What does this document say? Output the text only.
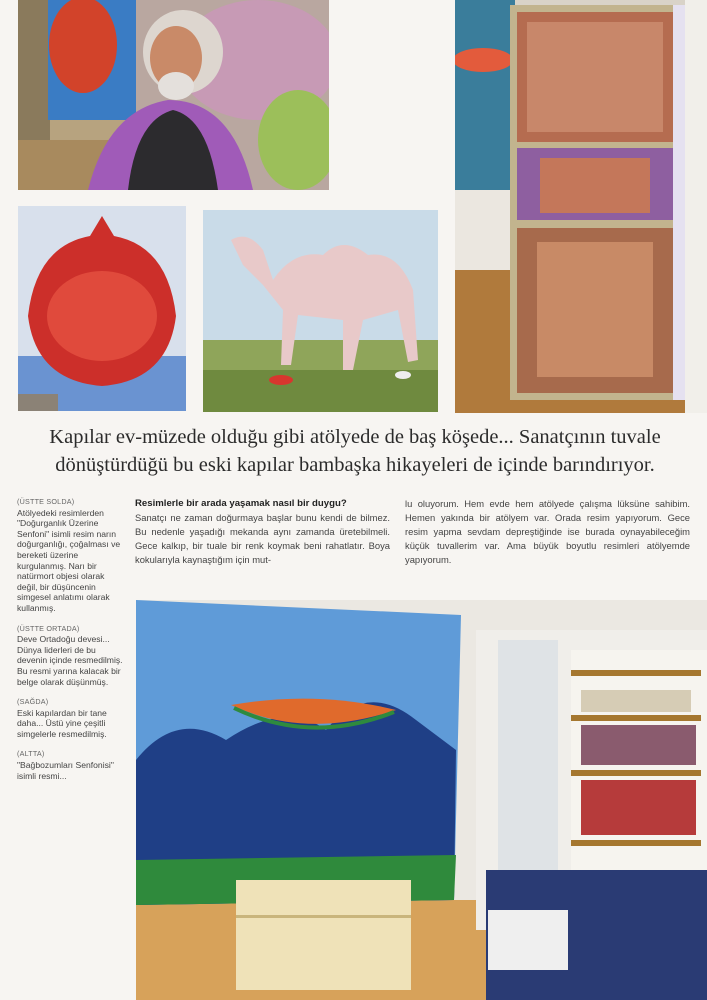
Kapılar ev-müzede olduğu gibi atölyede de baş köşede... Sanatçının tuvale
dönüştürdüğü bu eski kapılar bambaşka hikayeleri de içinde barındırıyor.
(ÜSTTE SOLDA)
Atölyedeki resimlerden "Doğurganlık Üzerine Senfoni" isimli resim narın doğurganlığı, çoğalması ve bereketi üzerine kurgulanmış. Narı bir natürmort objesi olarak değil, bir düşüncenin simgesel anlatımı olarak kullanmış.
(ÜSTTE ORTADA)
Deve Ortadoğu devesi... Dünya liderleri de bu devenin içinde resmedilmiş. Bu resmi yarına kalacak bir belge olarak düşünmüş.
(SAĞDA)
Eski kapılardan bir tane daha... Üstü yine çeşitli simgelerle resmedilmiş.
(ALTTA)
"Bağbozumları Senfonisi" isimli resmi...
Resimlerle bir arada yaşamak nasıl bir duygu?
Sanatçı ne zaman doğurmaya başlar bunu kendi de bilmez. Bu nedenle yaşadığı mekanda aynı zamanda üretebilmeli. Gece kalkıp, bir tuale bir renk koymak beni rahatlatır. Boya kokularıyla kaynaştığım için mut-
lu oluyorum. Hem evde hem atölyede çalışma lüksüne sahibim. Hemen yakında bir atölyem var. Orada resim yapıyorum. Gece resim yapma sevdam depreştiğinde ise burada oynayabileceğim küçük tuvallerim var. Ama büyük boyutlu resimleri atölyemde yapıyorum.
